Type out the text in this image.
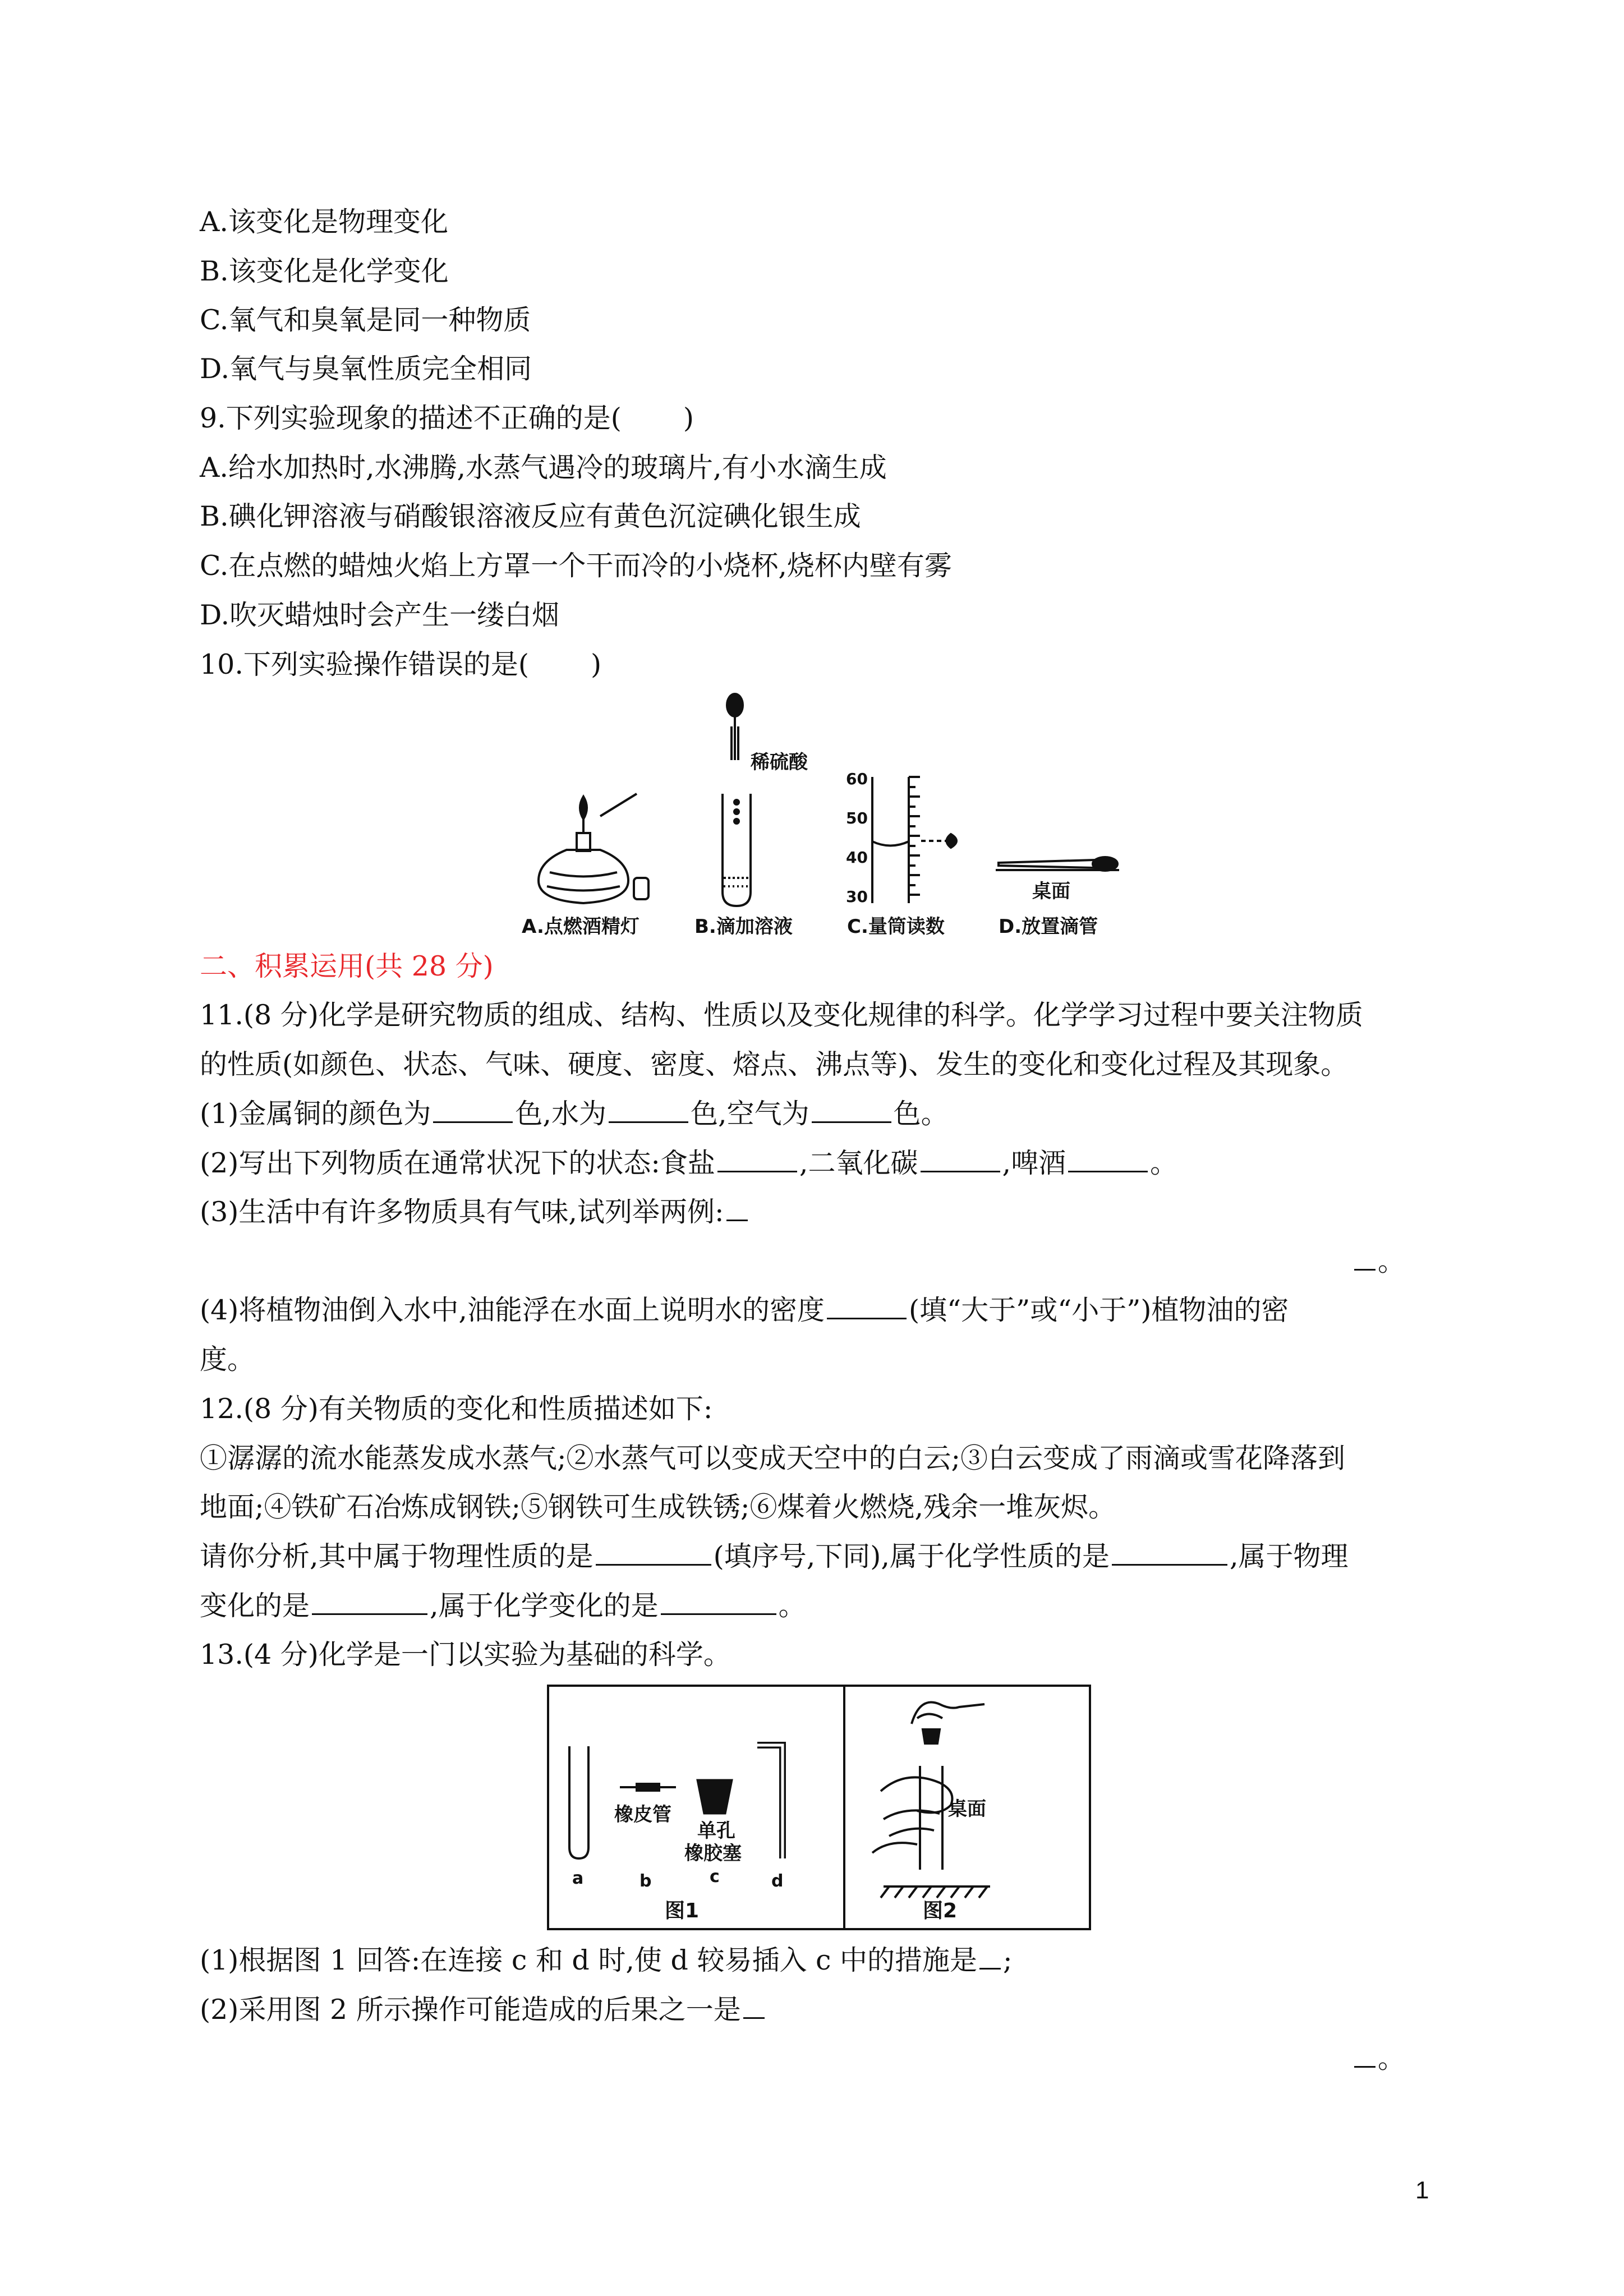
A.该变化是物理变化
B.该变化是化学变化
C.氧气和臭氧是同一种物质
D.氧气与臭氧性质完全相同
9.下列实验现象的描述不正确的是( )
A.给水加热时,水沸腾,水蒸气遇冷的玻璃片,有小水滴生成
B.碘化钾溶液与硝酸银溶液反应有黄色沉淀碘化银生成
C.在点燃的蜡烛火焰上方罩一个干而冷的小烧杯,烧杯内壁有雾
D.吹灭蜡烛时会产生一缕白烟
10.下列实验操作错误的是( )
稀硫酸
60
50
40
30	桌面
A.点燃酒精灯	B.滴加溶液	C.量筒读数	D.放置滴管
二、积累运用(共 28 分)
11.(8 分)化学是研究物质的组成、结构、性质以及变化规律的科学。化学学习过程中要关注物质
的性质(如颜色、状态、气味、硬度、密度、熔点、沸点等)、发生的变化和变化过程及其现象。
(1)金属铜的颜色为	色,水为	色,空气为	色。
(2)写出下列物质在通常状况下的状态:食盐	,二氧化碳	,啤酒	。
(3)生活中有许多物质具有气味,试列举两例:
。
(4)将植物油倒入水中,油能浮在水面上说明水的密度	(填“大于”或“小于”)植物油的密
度。
12.(8 分)有关物质的变化和性质描述如下:
①潺潺的流水能蒸发成水蒸气;②水蒸气可以变成天空中的白云;③白云变成了雨滴或雪花降落到
地面;④铁矿石冶炼成钢铁;⑤钢铁可生成铁锈;⑥煤着火燃烧,残余一堆灰烬。
请你分析,其中属于物理性质的是	(填序号,下同),属于化学性质的是	,属于物理
变化的是	,属于化学变化的是	。
13.(4 分)化学是一门以实验为基础的科学。
橡皮管
单孔
橡胶塞
a	b	c	d
图1
桌面
图2
(1)根据图 1 回答:在连接 c 和 d 时,使 d 较易插入 c 中的措施是 ;
(2)采用图 2 所示操作可能造成的后果之一是
。
1
